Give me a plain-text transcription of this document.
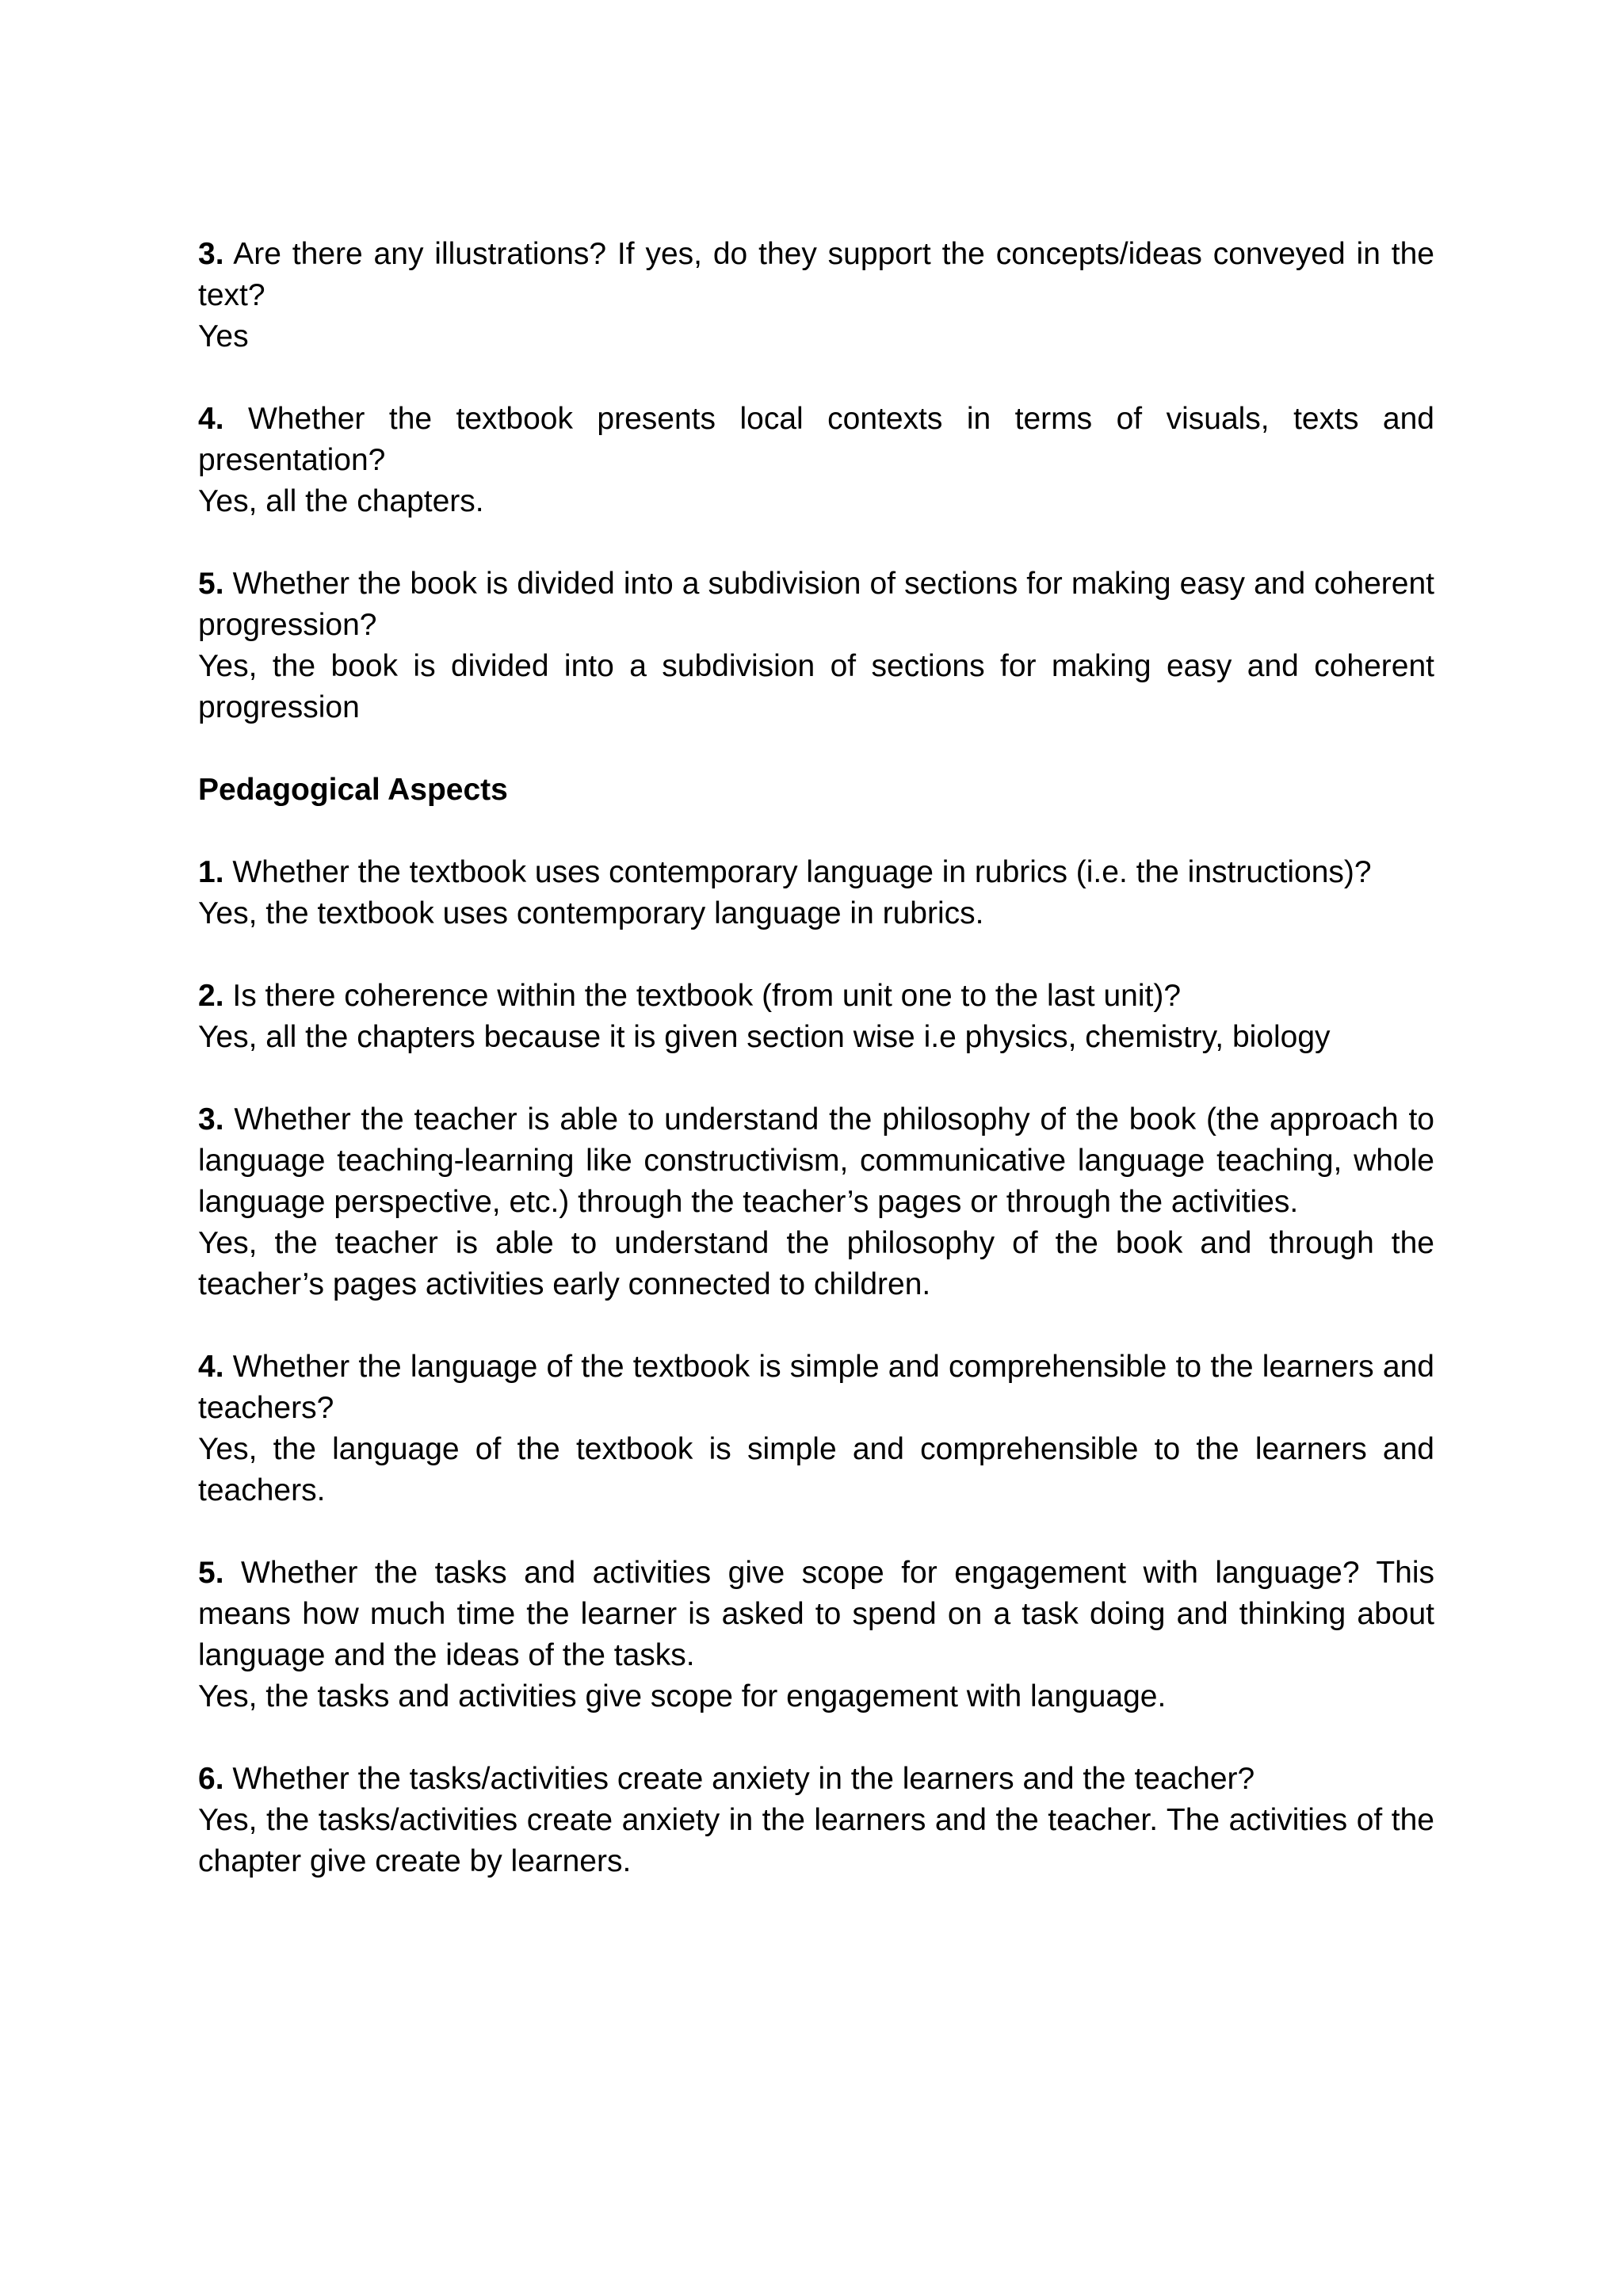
3. Are there any illustrations? If yes, do they support the concepts/ideas conveyed in the text?

Yes

4. Whether the textbook presents local contexts in terms of visuals, texts and presentation?

Yes, all the chapters.

5. Whether the book is divided into a subdivision of sections for making easy and coherent progression?

Yes, the book is divided into a subdivision of sections for making easy and coherent progression

Pedagogical Aspects

1. Whether the textbook uses contemporary language in rubrics (i.e. the instructions)?

Yes, the textbook uses contemporary language in rubrics.

2. Is there coherence within the textbook (from unit one to the last unit)?

Yes, all the chapters because it is given section wise i.e physics, chemistry, biology

3. Whether the teacher is able to understand the philosophy of the book (the approach to language teaching-learning like constructivism, communicative language teaching, whole language perspective, etc.) through the teacher’s pages or through the activities.

Yes, the teacher is able to understand the philosophy of the book and through the teacher’s pages activities early connected to children.

4. Whether the language of the textbook is simple and comprehensible to the learners and teachers?

Yes, the language of the textbook is simple and comprehensible to the learners and teachers.

5. Whether the tasks and activities give scope for engagement with language? This means how much time the learner is asked to spend on a task doing and thinking about language and the ideas of the tasks.

Yes, the tasks and activities give scope for engagement with language.

6. Whether the tasks/activities create anxiety in the learners and the teacher?

Yes, the tasks/activities create anxiety in the learners and the teacher. The activities of the chapter give create by learners.
